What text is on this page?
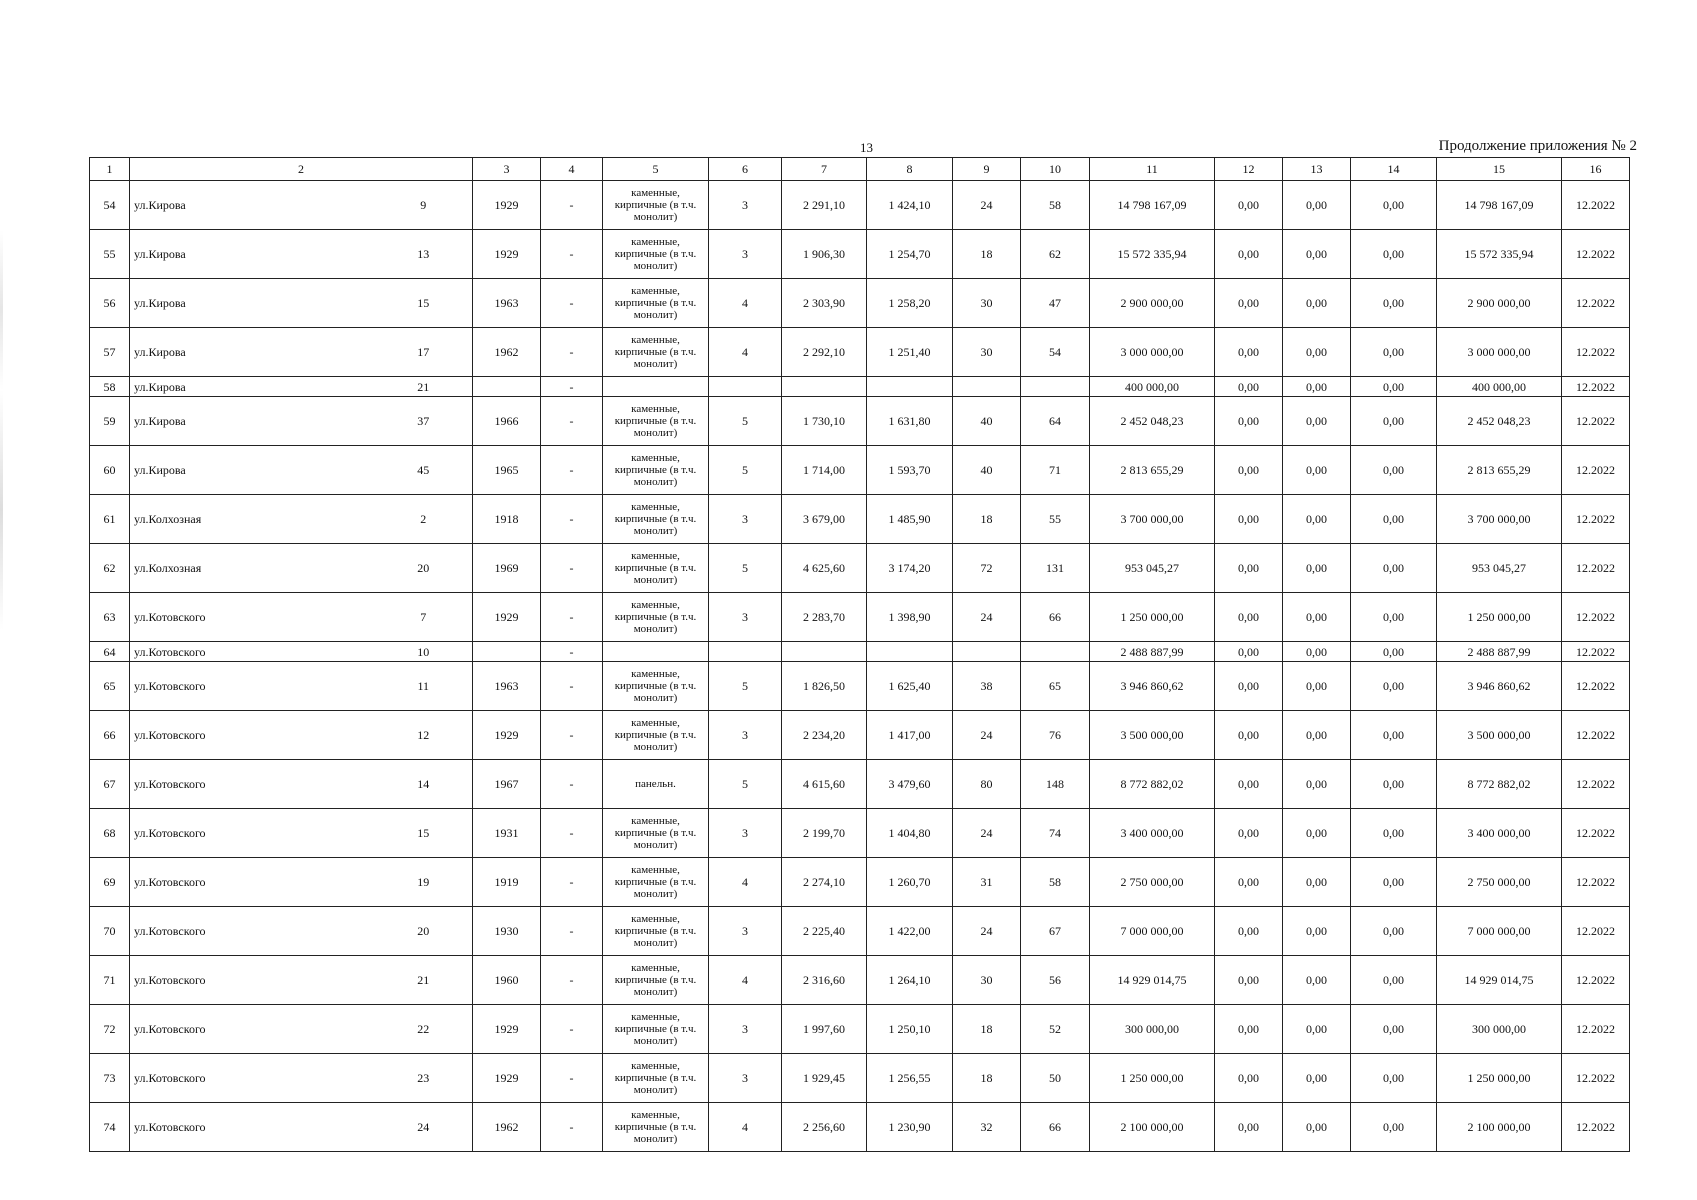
13	Продолжение приложения № 2
1	2		3	4	5	6	7	8	9	10	11	12	13	14	15	16
54	ул.Кирова	9	1929	-	каменные, кирпичные (в т.ч. монолит)	3	2 291,10	1 424,10	24	58	14 798 167,09	0,00	0,00	0,00	14 798 167,09	12.2022
55	ул.Кирова	13	1929	-	каменные, кирпичные (в т.ч. монолит)	3	1 906,30	1 254,70	18	62	15 572 335,94	0,00	0,00	0,00	15 572 335,94	12.2022
56	ул.Кирова	15	1963	-	каменные, кирпичные (в т.ч. монолит)	4	2 303,90	1 258,20	30	47	2 900 000,00	0,00	0,00	0,00	2 900 000,00	12.2022
57	ул.Кирова	17	1962	-	каменные, кирпичные (в т.ч. монолит)	4	2 292,10	1 251,40	30	54	3 000 000,00	0,00	0,00	0,00	3 000 000,00	12.2022
58	ул.Кирова	21		-							400 000,00	0,00	0,00	0,00	400 000,00	12.2022
59	ул.Кирова	37	1966	-	каменные, кирпичные (в т.ч. монолит)	5	1 730,10	1 631,80	40	64	2 452 048,23	0,00	0,00	0,00	2 452 048,23	12.2022
60	ул.Кирова	45	1965	-	каменные, кирпичные (в т.ч. монолит)	5	1 714,00	1 593,70	40	71	2 813 655,29	0,00	0,00	0,00	2 813 655,29	12.2022
61	ул.Колхозная	2	1918	-	каменные, кирпичные (в т.ч. монолит)	3	3 679,00	1 485,90	18	55	3 700 000,00	0,00	0,00	0,00	3 700 000,00	12.2022
62	ул.Колхозная	20	1969	-	каменные, кирпичные (в т.ч. монолит)	5	4 625,60	3 174,20	72	131	953 045,27	0,00	0,00	0,00	953 045,27	12.2022
63	ул.Котовского	7	1929	-	каменные, кирпичные (в т.ч. монолит)	3	2 283,70	1 398,90	24	66	1 250 000,00	0,00	0,00	0,00	1 250 000,00	12.2022
64	ул.Котовского	10		-							2 488 887,99	0,00	0,00	0,00	2 488 887,99	12.2022
65	ул.Котовского	11	1963	-	каменные, кирпичные (в т.ч. монолит)	5	1 826,50	1 625,40	38	65	3 946 860,62	0,00	0,00	0,00	3 946 860,62	12.2022
66	ул.Котовского	12	1929	-	каменные, кирпичные (в т.ч. монолит)	3	2 234,20	1 417,00	24	76	3 500 000,00	0,00	0,00	0,00	3 500 000,00	12.2022
67	ул.Котовского	14	1967	-	панельн.	5	4 615,60	3 479,60	80	148	8 772 882,02	0,00	0,00	0,00	8 772 882,02	12.2022
68	ул.Котовского	15	1931	-	каменные, кирпичные (в т.ч. монолит)	3	2 199,70	1 404,80	24	74	3 400 000,00	0,00	0,00	0,00	3 400 000,00	12.2022
69	ул.Котовского	19	1919	-	каменные, кирпичные (в т.ч. монолит)	4	2 274,10	1 260,70	31	58	2 750 000,00	0,00	0,00	0,00	2 750 000,00	12.2022
70	ул.Котовского	20	1930	-	каменные, кирпичные (в т.ч. монолит)	3	2 225,40	1 422,00	24	67	7 000 000,00	0,00	0,00	0,00	7 000 000,00	12.2022
71	ул.Котовского	21	1960	-	каменные, кирпичные (в т.ч. монолит)	4	2 316,60	1 264,10	30	56	14 929 014,75	0,00	0,00	0,00	14 929 014,75	12.2022
72	ул.Котовского	22	1929	-	каменные, кирпичные (в т.ч. монолит)	3	1 997,60	1 250,10	18	52	300 000,00	0,00	0,00	0,00	300 000,00	12.2022
73	ул.Котовского	23	1929	-	каменные, кирпичные (в т.ч. монолит)	3	1 929,45	1 256,55	18	50	1 250 000,00	0,00	0,00	0,00	1 250 000,00	12.2022
74	ул.Котовского	24	1962	-	каменные, кирпичные (в т.ч. монолит)	4	2 256,60	1 230,90	32	66	2 100 000,00	0,00	0,00	0,00	2 100 000,00	12.2022
